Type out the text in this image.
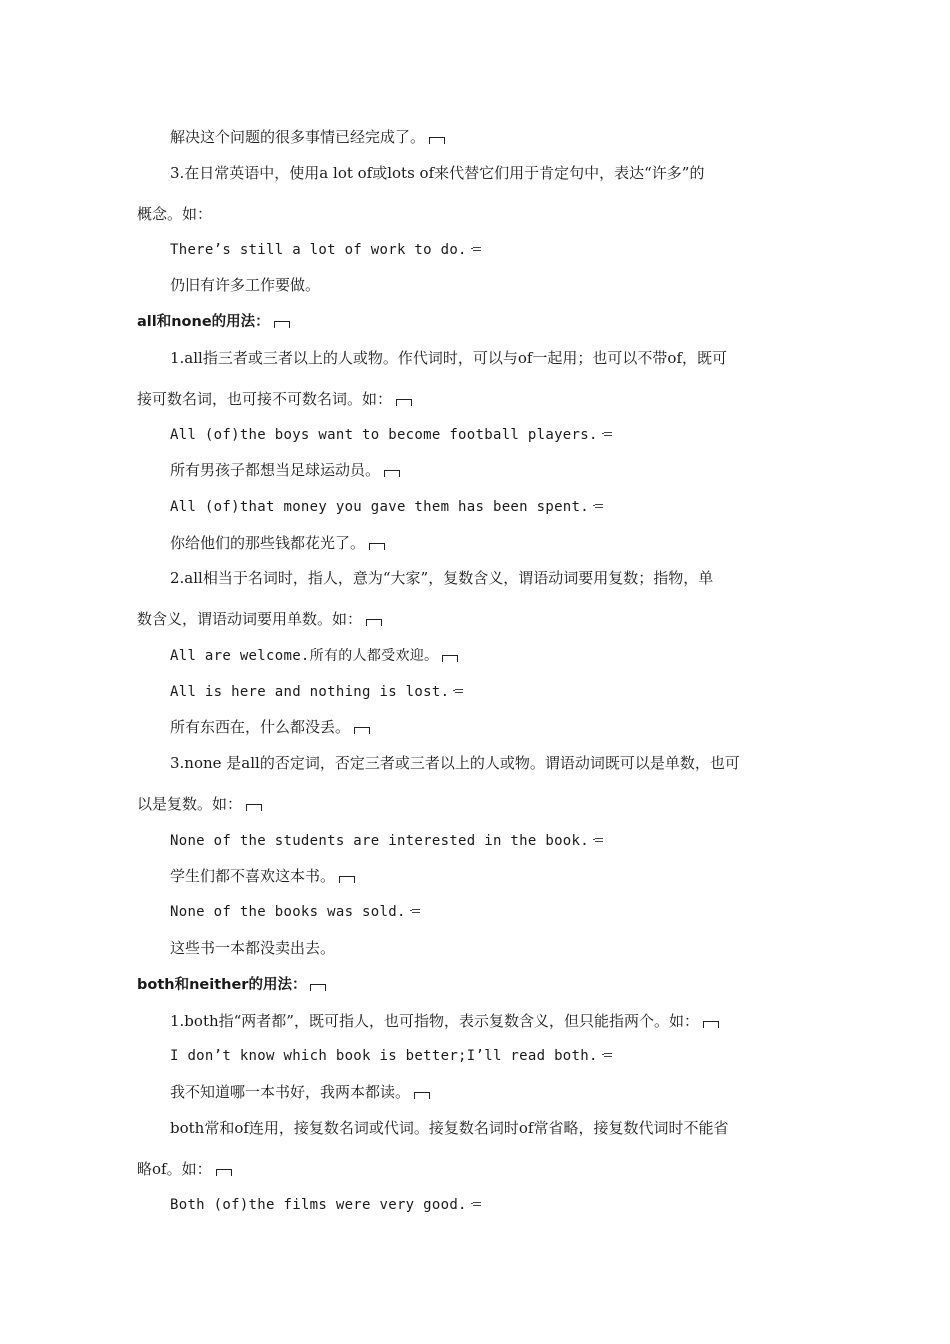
解决这个问题的很多事情已经完成了。
3.在日常英语中，使用a lot of或lots of来代替它们用于肯定句中，表达“许多”的
概念。如：
There’s still a lot of work to do.
仍旧有许多工作要做。
all和none的用法：
1.all指三者或三者以上的人或物。作代词时，可以与of一起用；也可以不带of，既可
接可数名词，也可接不可数名词。如：
All (of)the boys want to become football players.
所有男孩子都想当足球运动员。
All (of)that money you gave them has been spent.
你给他们的那些钱都花光了。
2.all相当于名词时，指人，意为“大家”，复数含义，谓语动词要用复数；指物，单
数含义，谓语动词要用单数。如：
All are welcome.所有的人都受欢迎。
All is here and nothing is lost.
所有东西在，什么都没丢。
3.none 是all的否定词，否定三者或三者以上的人或物。谓语动词既可以是单数，也可
以是复数。如：
None of the students are interested in the book.
学生们都不喜欢这本书。
None of the books was sold.
这些书一本都没卖出去。
both和neither的用法：
1.both指“两者都”，既可指人，也可指物，表示复数含义，但只能指两个。如：
I don’t know which book is better;I’ll read both.
我不知道哪一本书好，我两本都读。
both常和of连用，接复数名词或代词。接复数名词时of常省略，接复数代词时不能省
略of。如：
Both (of)the films were very good.
